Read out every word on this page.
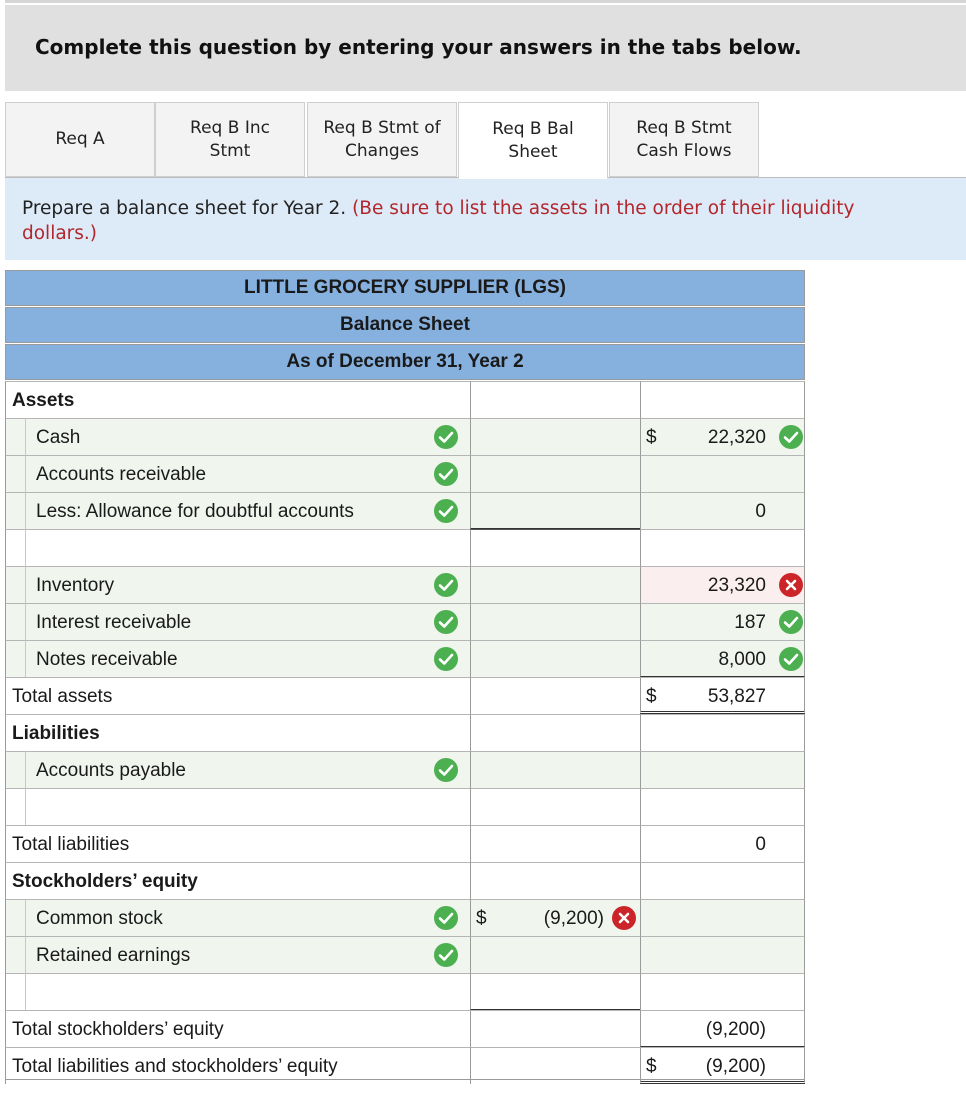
Complete this question by entering your answers in the tabs below.
Req A
Req B Inc
Stmt
Req B Stmt of
Changes
Req B Bal
Sheet
Req B Stmt
Cash Flows

Prepare a balance sheet for Year 2. (Be sure to list the assets in the order of their liquidity
dollars.)

LITTLE GROCERY SUPPLIER (LGS)
Balance Sheet
As of December 31, Year 2
Assets
Cash	$	22,320
Accounts receivable
Less: Allowance for doubtful accounts	0
Inventory	23,320
Interest receivable	187
Notes receivable	8,000
Total assets	$	53,827
Liabilities
Accounts payable
Total liabilities	0
Stockholders’ equity
Common stock	$	(9,200)
Retained earnings
Total stockholders’ equity	(9,200)
Total liabilities and stockholders’ equity	$	(9,200)
